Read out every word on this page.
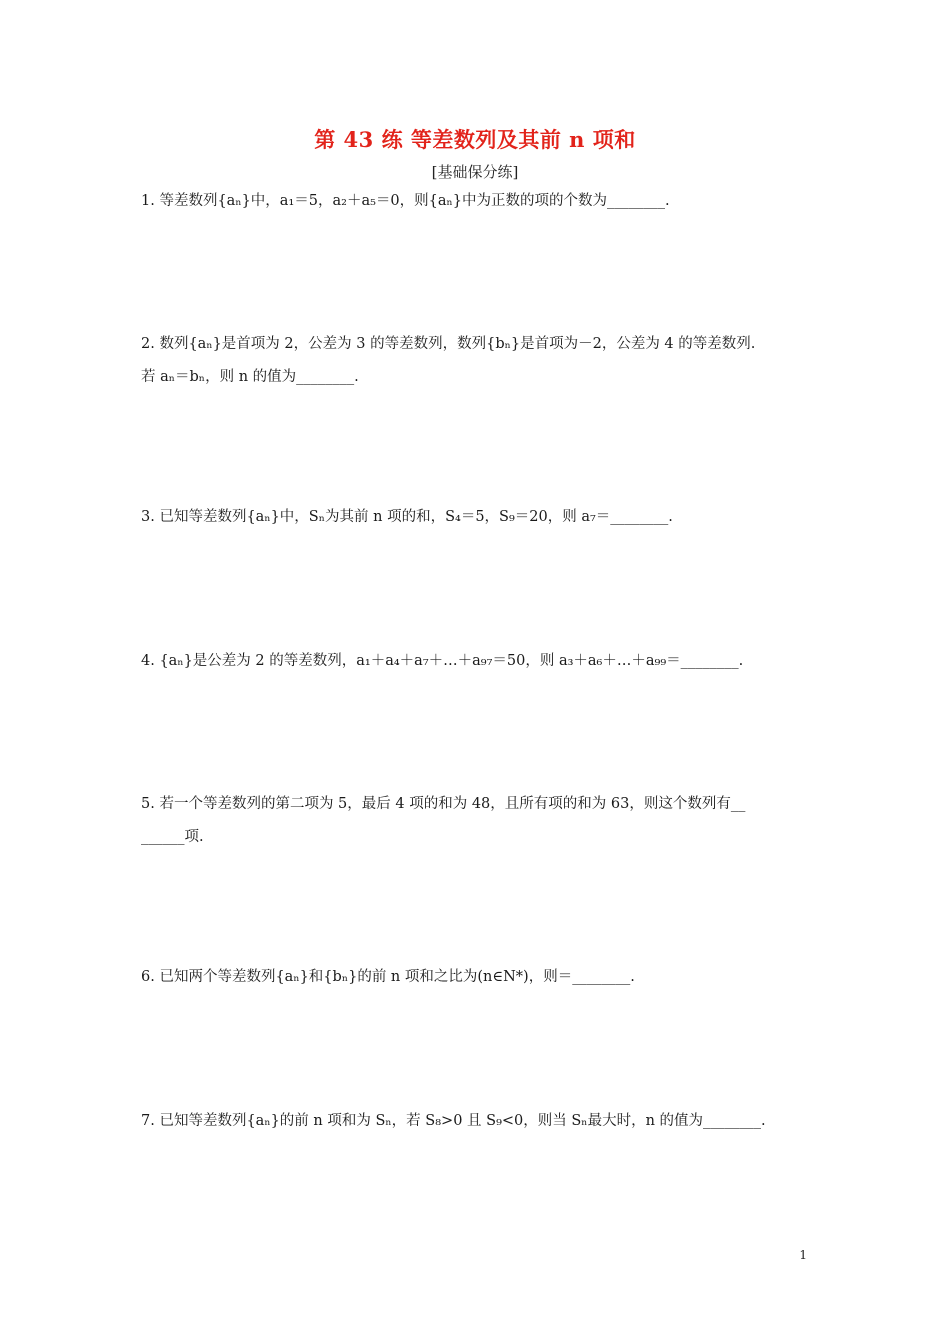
第 43 练 等差数列及其前 n 项和
[基础保分练]
1. 等差数列{aₙ}中，a₁＝5，a₂＋a₅＝0，则{aₙ}中为正数的项的个数为________.
2. 数列{aₙ}是首项为 2，公差为 3 的等差数列，数列{bₙ}是首项为－2，公差为 4 的等差数列.
若 aₙ＝bₙ，则 n 的值为________.
3. 已知等差数列{aₙ}中，Sₙ为其前 n 项的和，S₄＝5，S₉＝20，则 a₇＝________.
4. {aₙ}是公差为 2 的等差数列，a₁＋a₄＋a₇＋…＋a₉₇＝50，则 a₃＋a₆＋…＋a₉₉＝________.
5. 若一个等差数列的第二项为 5，最后 4 项的和为 48，且所有项的和为 63，则这个数列有__
______项.
6. 已知两个等差数列{aₙ}和{bₙ}的前 n 项和之比为(n∈N*)，则＝________.
7. 已知等差数列{aₙ}的前 n 项和为 Sₙ，若 S₈>0 且 S₉<0，则当 Sₙ最大时，n 的值为________.
1
